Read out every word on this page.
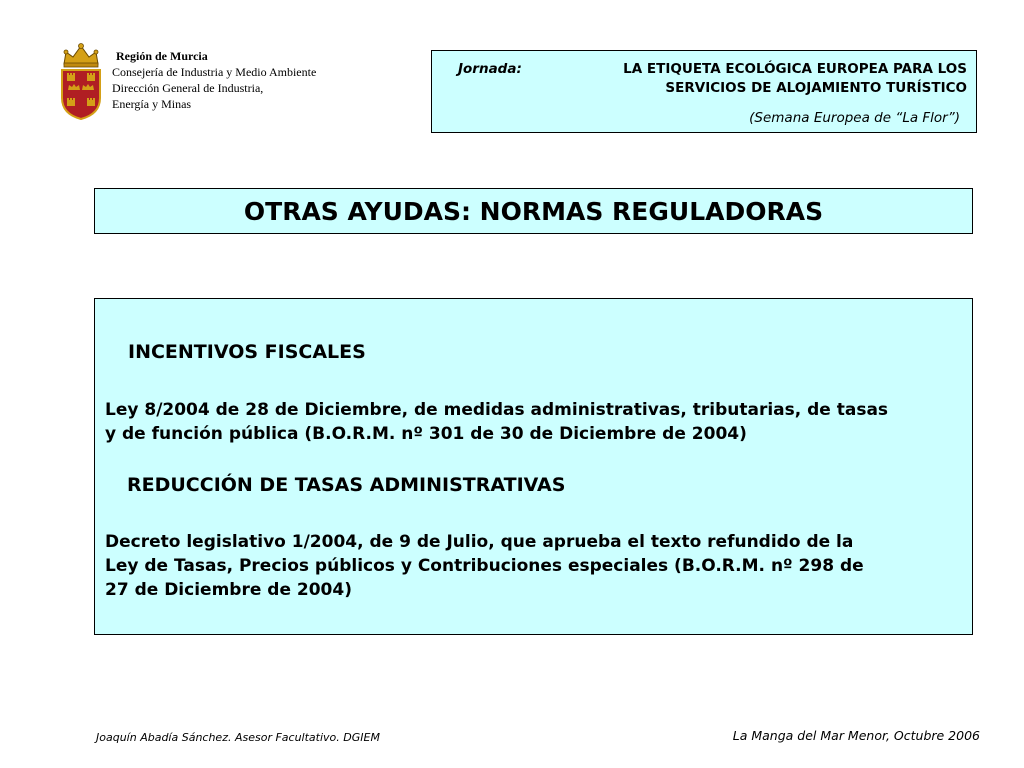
Región de Murcia
Consejería de Industria y Medio Ambiente
Dirección General de Industria,
Energía y Minas
Jornada:	LA ETIQUETA ECOLÓGICA EUROPEA PARA LOS
SERVICIOS DE ALOJAMIENTO TURÍSTICO
(Semana Europea de “La Flor”)
OTRAS AYUDAS: NORMAS REGULADORAS
INCENTIVOS FISCALES
Ley 8/2004 de 28 de Diciembre, de medidas administrativas, tributarias, de tasas
y de función pública (B.O.R.M. nº 301 de 30 de Diciembre de 2004)
REDUCCIÓN DE TASAS ADMINISTRATIVAS
Decreto legislativo 1/2004, de 9 de Julio, que aprueba el texto refundido de la
Ley de Tasas, Precios públicos y Contribuciones especiales (B.O.R.M. nº 298 de
27 de Diciembre de 2004)
Joaquín Abadía Sánchez. Asesor Facultativo. DGIEM	La Manga del Mar Menor, Octubre 2006
